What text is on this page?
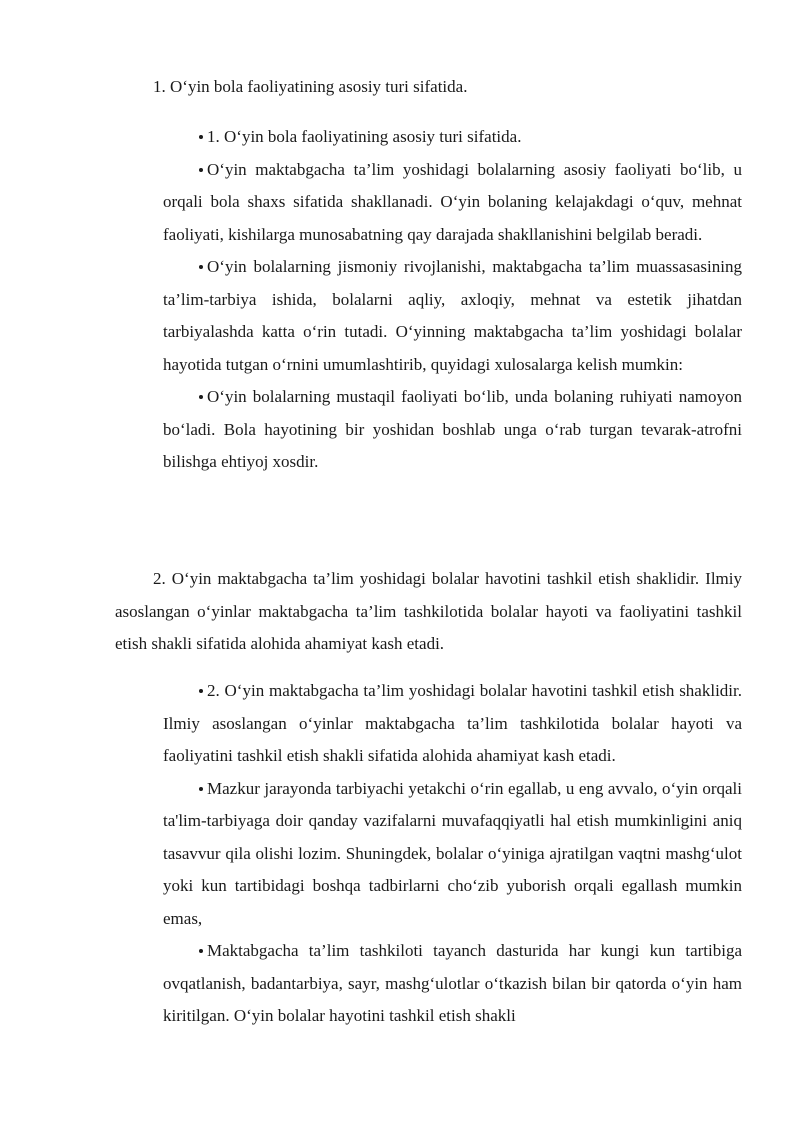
1. O‘yin bola faoliyatining asosiy turi sifatida.
1. O‘yin bola faoliyatining asosiy turi sifatida.
O‘yin maktabgacha ta’lim yoshidagi bolalarning asosiy faoliyati bo‘lib, u orqali bola shaxs sifatida shakllanadi. O‘yin bolaning kelajakdagi o‘quv, mehnat faoliyati, kishilarga munosabatning qay darajada shakllanishini belgilab beradi.
O‘yin bolalarning jismoniy rivojlanishi, maktabgacha ta’lim muassasasining ta’lim-tarbiya ishida, bolalarni aqliy, axloqiy, mehnat va estetik jihatdan tarbiyalashda katta o‘rin tutadi. O‘yinning maktabgacha ta’lim yoshidagi bolalar hayotida tutgan o‘rnini umumlashtirib, quyidagi xulosalarga kelish mumkin:
O‘yin bolalarning mustaqil faoliyati bo‘lib, unda bolaning ruhiyati namoyon bo‘ladi. Bola hayotining bir yoshidan boshlab unga o‘rab turgan tevarak-atrofni bilishga ehtiyoj xosdir.

2. O‘yin maktabgacha ta’lim yoshidagi bolalar havotini tashkil etish shaklidir. Ilmiy asoslangan o‘yinlar maktabgacha ta’lim tashkilotida bolalar hayoti va faoliyatini tashkil etish shakli sifatida alohida ahamiyat kash etadi.

2. O‘yin maktabgacha ta’lim yoshidagi bolalar havotini tashkil etish shaklidir. Ilmiy asoslangan o‘yinlar maktabgacha ta’lim tashkilotida bolalar hayoti va faoliyatini tashkil etish shakli sifatida alohida ahamiyat kash etadi.
Mazkur jarayonda tarbiyachi yetakchi o‘rin egallab, u eng avvalo, o‘yin orqali ta'lim-tarbiyaga doir qanday vazifalarni muvafaqqiyatli hal etish mumkinligini aniq tasavvur qila olishi lozim. Shuningdek, bolalar o‘yiniga ajratilgan vaqtni mashg‘ulot yoki kun tartibidagi boshqa tadbirlarni cho‘zib yuborish orqali egallash mumkin emas,
Maktabgacha ta’lim tashkiloti tayanch dasturida har kungi kun tartibiga ovqatlanish, badantarbiya, sayr, mashg‘ulotlar o‘tkazish bilan bir qatorda o‘yin ham kiritilgan. O‘yin bolalar hayotini tashkil etish shakli
